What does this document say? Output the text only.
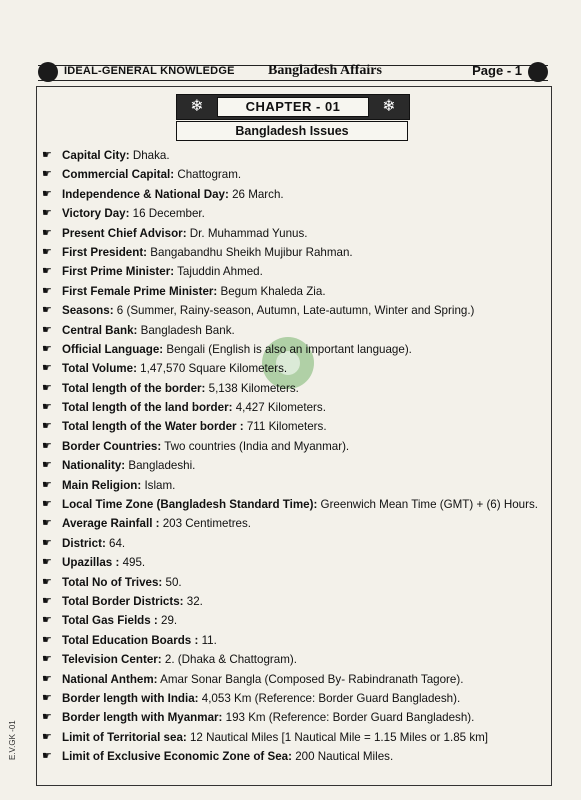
IDEAL-GENERAL KNOWLEDGE Bangladesh Affairs	Page - 1
❄	CHAPTER - 01	❄
Bangladesh Issues
☛ Capital City: Dhaka.
☛ Commercial Capital: Chattogram.
☛ Independence & National Day: 26 March.
☛ Victory Day: 16 December.
☛ Present Chief Advisor: Dr. Muhammad Yunus.
☛ First President: Bangabandhu Sheikh Mujibur Rahman.
☛ First Prime Minister: Tajuddin Ahmed.
☛ First Female Prime Minister: Begum Khaleda Zia.
☛ Seasons: 6 (Summer, Rainy-season, Autumn, Late-autumn, Winter and Spring.)
☛ Central Bank: Bangladesh Bank.
☛ Official Language: Bengali (English is also an important language).
☛ Total Volume: 1,47,570 Square Kilometers.
☛ Total length of the border: 5,138 Kilometers.
☛ Total length of the land border: 4,427 Kilometers.
☛ Total length of the Water border : 711 Kilometers.
☛ Border Countries: Two countries (India and Myanmar).
☛ Nationality: Bangladeshi.
☛ Main Religion: Islam.
☛ Local Time Zone (Bangladesh Standard Time): Greenwich Mean Time (GMT) + (6) Hours.
☛ Average Rainfall : 203 Centimetres.
☛ District: 64.
☛ Upazillas : 495.
☛ Total No of Trives: 50.
☛ Total Border Districts: 32.
☛ Total Gas Fields : 29.
☛ Total Education Boards : 11.
☛ Television Center: 2. (Dhaka & Chattogram).
☛ National Anthem: Amar Sonar Bangla (Composed By- Rabindranath Tagore).
☛ Border length with India: 4,053 Km (Reference: Border Guard Bangladesh).
☛ Border length with Myanmar: 193 Km (Reference: Border Guard Bangladesh).
☛ Limit of Territorial sea: 12 Nautical Miles [1 Nautical Mile = 1.15 Miles or 1.85 km]
☛ Limit of Exclusive Economic Zone of Sea: 200 Nautical Miles.
E.V.GK -01
